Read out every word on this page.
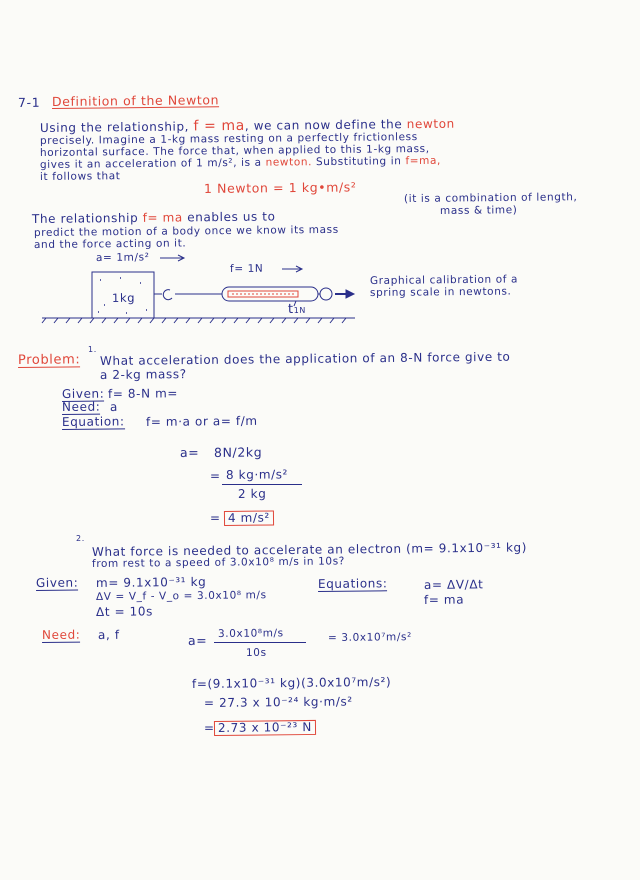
7-1 Definition of the Newton
Using the relationship, f = ma, we can now define the newton
precisely. Imagine a 1-kg mass resting on a perfectly frictionless
horizontal surface. The force that, when applied to this 1-kg mass,
gives it an acceleration of 1 m/s², is a newton. Substituting in f=ma,
it follows that
1 Newton = 1 kg•m/s²
(it is a combination of length,
mass & time)
The relationship f= ma enables us to
predict the motion of a body once we know its mass
and the force acting on it.
a= 1m/s²
f= 1N
1kg
t1N
Graphical calibration of a
spring scale in newtons.
Problem:
1.
What acceleration does the application of an 8-N force give to
a 2-kg mass?
Given: f= 8-N m=
Need: a
Equation: f= m·a or a= f/m
a= 8N/2kg
= 8 kg·m/s²
2 kg
= 4 m/s²
2.
What force is needed to accelerate an electron (m= 9.1x10⁻³¹ kg)
from rest to a speed of 3.0x10⁸ m/s in 10s?
Given: m= 9.1x10⁻³¹ kg
ΔV = V_f - V_o = 3.0x10⁸ m/s
Δt = 10s
Equations:	a= ΔV/Δt
f= ma
Need: a, f	a= 3.0x10⁸m/s
10s
= 3.0x10⁷m/s²
f=(9.1x10⁻³¹ kg)(3.0x10⁷m/s²)
= 27.3 x 10⁻²⁴ kg·m/s²
= 2.73 x 10⁻²³ N
